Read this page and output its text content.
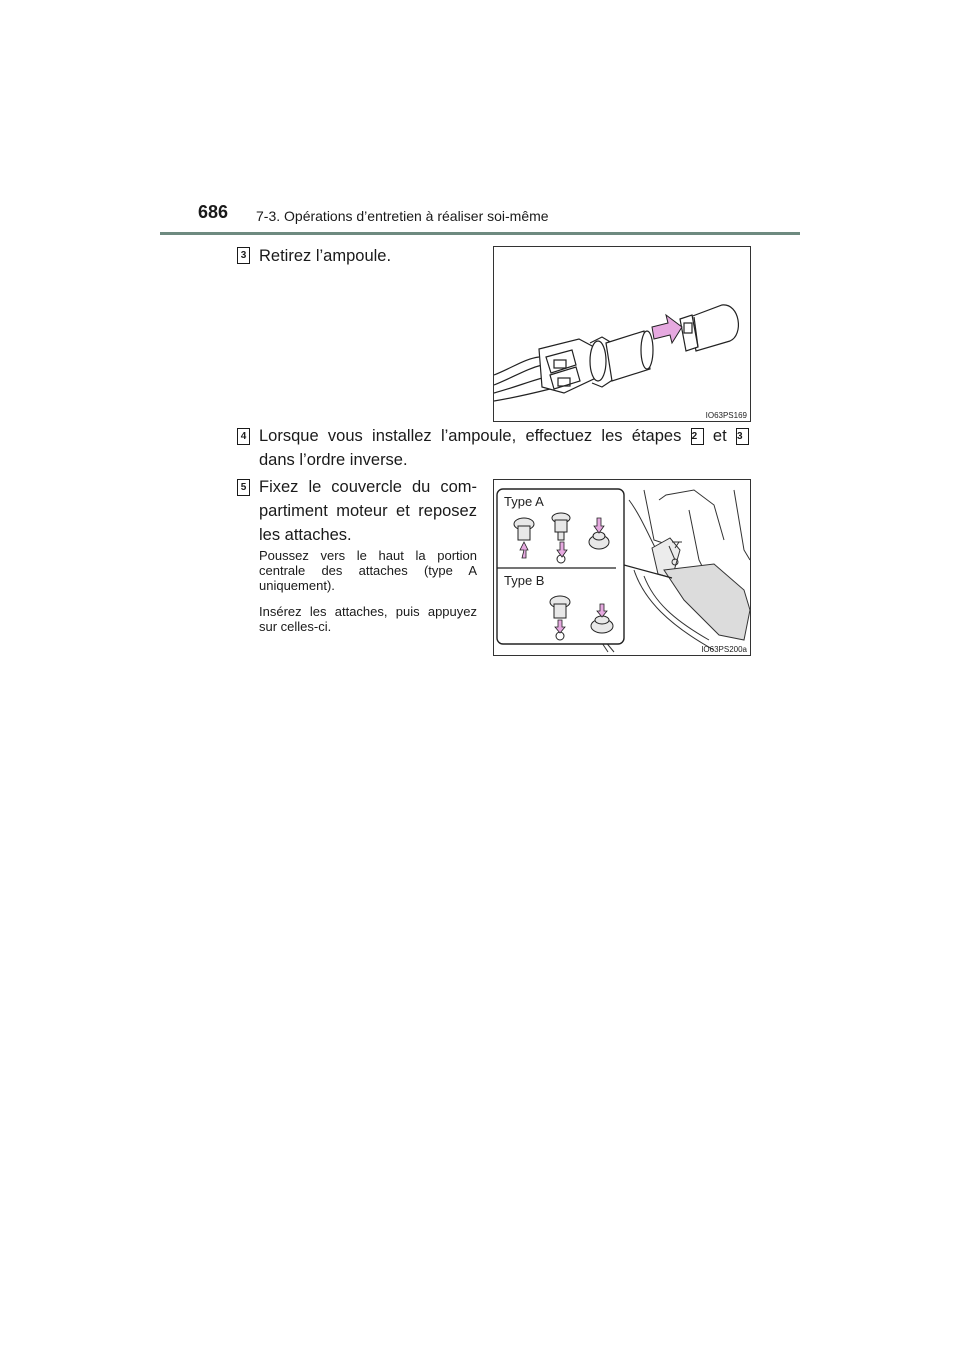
686 7-3. Opérations d’entretien à réaliser soi-même
3 Retirez l’ampoule.
IO63PS169
4 Lorsque vous installez l’ampoule, effectuez les étapes 2 et 3
dans l’ordre inverse.
5 Fixez le couvercle du com-
partiment moteur et reposez
les attaches.
Poussez vers le haut la portion centrale des attaches (type A uniquement).
Insérez les attaches, puis appuyez sur celles-ci.
Type A
Type B
IO63PS200a
